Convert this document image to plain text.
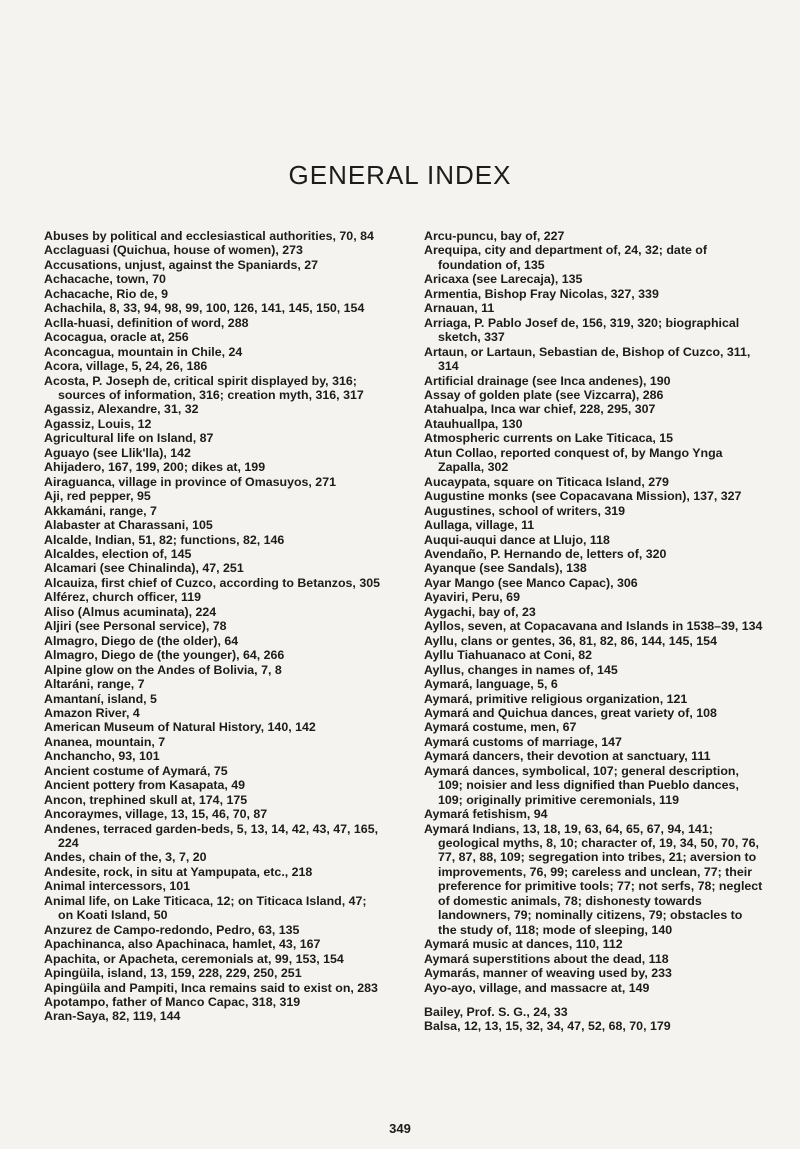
GENERAL INDEX

Abuses by political and ecclesiastical authorities, 70, 84

Acclaguasi (Quichua, house of women), 273

Accusations, unjust, against the Spaniards, 27

Achacache, town, 70

Achacache, Rio de, 9

Achachila, 8, 33, 94, 98, 99, 100, 126, 141, 145, 150, 154

Aclla-huasi, definition of word, 288

Acocagua, oracle at, 256

Aconcagua, mountain in Chile, 24

Acora, village, 5, 24, 26, 186

Acosta, P. Joseph de, critical spirit displayed by, 316; sources of information, 316; creation myth, 316, 317

Agassiz, Alexandre, 31, 32

Agassiz, Louis, 12

Agricultural life on Island, 87

Aguayo (see Llik'lla), 142

Ahijadero, 167, 199, 200; dikes at, 199

Airaguanca, village in province of Omasuyos, 271

Aji, red pepper, 95

Akkamáni, range, 7

Alabaster at Charassani, 105

Alcalde, Indian, 51, 82; functions, 82, 146

Alcaldes, election of, 145

Alcamari (see Chinalinda), 47, 251

Alcauiza, first chief of Cuzco, according to Betanzos, 305

Alférez, church officer, 119

Aliso (Almus acuminata), 224

Aljiri (see Personal service), 78

Almagro, Diego de (the older), 64

Almagro, Diego de (the younger), 64, 266

Alpine glow on the Andes of Bolivia, 7, 8

Altaráni, range, 7

Amantaní, island, 5

Amazon River, 4

American Museum of Natural History, 140, 142

Ananea, mountain, 7

Anchancho, 93, 101

Ancient costume of Aymará, 75

Ancient pottery from Kasapata, 49

Ancon, trephined skull at, 174, 175

Ancoraymes, village, 13, 15, 46, 70, 87

Andenes, terraced garden-beds, 5, 13, 14, 42, 43, 47, 165, 224

Andes, chain of the, 3, 7, 20

Andesite, rock, in situ at Yampupata, etc., 218

Animal intercessors, 101

Animal life, on Lake Titicaca, 12; on Titicaca Island, 47; on Koati Island, 50

Anzurez de Campo-redondo, Pedro, 63, 135

Apachinanca, also Apachinaca, hamlet, 43, 167

Apachita, or Apacheta, ceremonials at, 99, 153, 154

Apingüila, island, 13, 159, 228, 229, 250, 251

Apingüila and Pampiti, Inca remains said to exist on, 283

Apotampo, father of Manco Capac, 318, 319

Aran-Saya, 82, 119, 144

Arcu-puncu, bay of, 227

Arequipa, city and department of, 24, 32; date of foundation of, 135

Aricaxa (see Larecaja), 135

Armentia, Bishop Fray Nicolas, 327, 339

Arnauan, 11

Arriaga, P. Pablo Josef de, 156, 319, 320; biographical sketch, 337

Artaun, or Lartaun, Sebastian de, Bishop of Cuzco, 311, 314

Artificial drainage (see Inca andenes), 190

Assay of golden plate (see Vizcarra), 286

Atahualpa, Inca war chief, 228, 295, 307

Atauhuallpa, 130

Atmospheric currents on Lake Titicaca, 15

Atun Collao, reported conquest of, by Mango Ynga Zapalla, 302

Aucaypata, square on Titicaca Island, 279

Augustine monks (see Copacavana Mission), 137, 327

Augustines, school of writers, 319

Aullaga, village, 11

Auqui-auqui dance at Llujo, 118

Avendaño, P. Hernando de, letters of, 320

Ayanque (see Sandals), 138

Ayar Mango (see Manco Capac), 306

Ayaviri, Peru, 69

Aygachi, bay of, 23

Ayllos, seven, at Copacavana and Islands in 1538–39, 134

Ayllu, clans or gentes, 36, 81, 82, 86, 144, 145, 154

Ayllu Tiahuanaco at Coni, 82

Ayllus, changes in names of, 145

Aymará, language, 5, 6

Aymará, primitive religious organization, 121

Aymará and Quichua dances, great variety of, 108

Aymará costume, men, 67

Aymará customs of marriage, 147

Aymará dancers, their devotion at sanctuary, 111

Aymará dances, symbolical, 107; general description, 109; noisier and less dignified than Pueblo dances, 109; originally primitive ceremonials, 119

Aymará fetishism, 94

Aymará Indians, 13, 18, 19, 63, 64, 65, 67, 94, 141; geological myths, 8, 10; character of, 19, 34, 50, 70, 76, 77, 87, 88, 109; segregation into tribes, 21; aversion to improvements, 76, 99; careless and unclean, 77; their preference for primitive tools; 77; not serfs, 78; neglect of domestic animals, 78; dishonesty towards landowners, 79; nominally citizens, 79; obstacles to the study of, 118; mode of sleeping, 140

Aymará music at dances, 110, 112

Aymará superstitions about the dead, 118

Aymarás, manner of weaving used by, 233

Ayo-ayo, village, and massacre at, 149

Bailey, Prof. S. G., 24, 33

Balsa, 12, 13, 15, 32, 34, 47, 52, 68, 70, 179

349
